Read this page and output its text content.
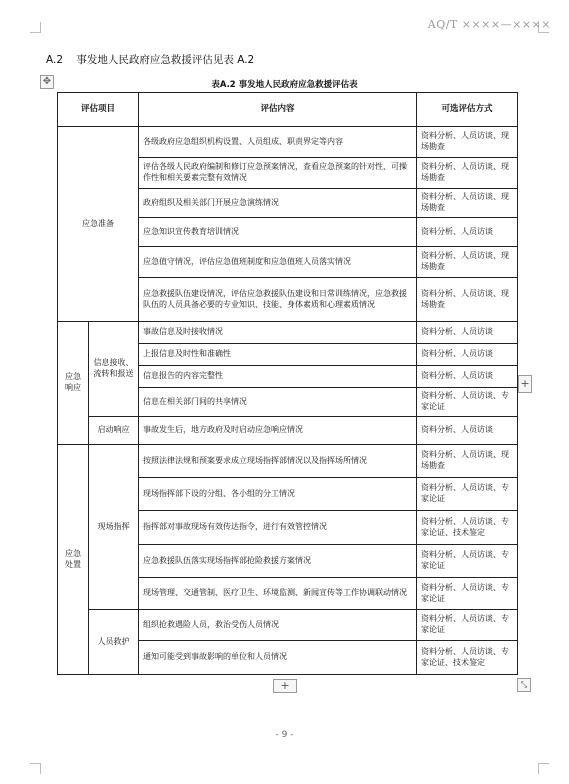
AQ/T ××××—××××
A.2 事发地人民政府应急救援评估见表 A.2
✥	表A.2 事发地人民政府应急救援评估表
评估项目		评估内容	可选评估方式
应急准备		各级政府应急组织机构设置、人员组成、职责界定等内容	资料分析、人员访谈、现场勘查
		评估各级人民政府编制和修订应急预案情况，查看应急预案的针对性、可操作性和相关要素完整有效情况	资料分析、人员访谈、现场勘查
		政府组织及相关部门开展应急演练情况	资料分析、人员访谈、现场勘查
		应急知识宣传教育培训情况	资料分析、人员访谈
		应急值守情况，评估应急值班制度和应急值班人员落实情况	资料分析、人员访谈、现场勘查
		应急救援队伍建设情况，评估应急救援队伍建设和日常训练情况，应急救援队伍的人员具备必要的专业知识、技能、身体素质和心理素质情况	资料分析、人员访谈、现场勘查
应急响应	信息接收、流转和报送	事故信息及时接收情况	资料分析、人员访谈
		上报信息及时性和准确性	资料分析、人员访谈
		信息报告的内容完整性	资料分析、人员访谈
		信息在相关部门间的共享情况	资料分析、人员访谈、专家论证
	启动响应	事故发生后，地方政府及时启动应急响应情况	资料分析、人员访谈
应急处置	现场指挥	按照法律法规和预案要求成立现场指挥部情况以及指挥场所情况	资料分析、人员访谈、现场勘查
		现场指挥部下设的分组、各小组的分工情况	资料分析、人员访谈、专家论证
		指挥部对事故现场有效传达指令，进行有效管控情况	资料分析、人员访谈、专家论证、技术鉴定
		应急救援队伍落实现场指挥部抢险救援方案情况	资料分析、人员访谈、专家论证
		现场管理、交通管制、医疗卫生、环境监测、新闻宣传等工作协调联动情况	资料分析、人员访谈、专家论证
	人员救护	组织抢救遇险人员，救治受伤人员情况	资料分析、人员访谈、专家论证
		通知可能受到事故影响的单位和人员情况	资料分析、人员访谈、专家论证、技术鉴定
+
+	⤡
- 9 -
